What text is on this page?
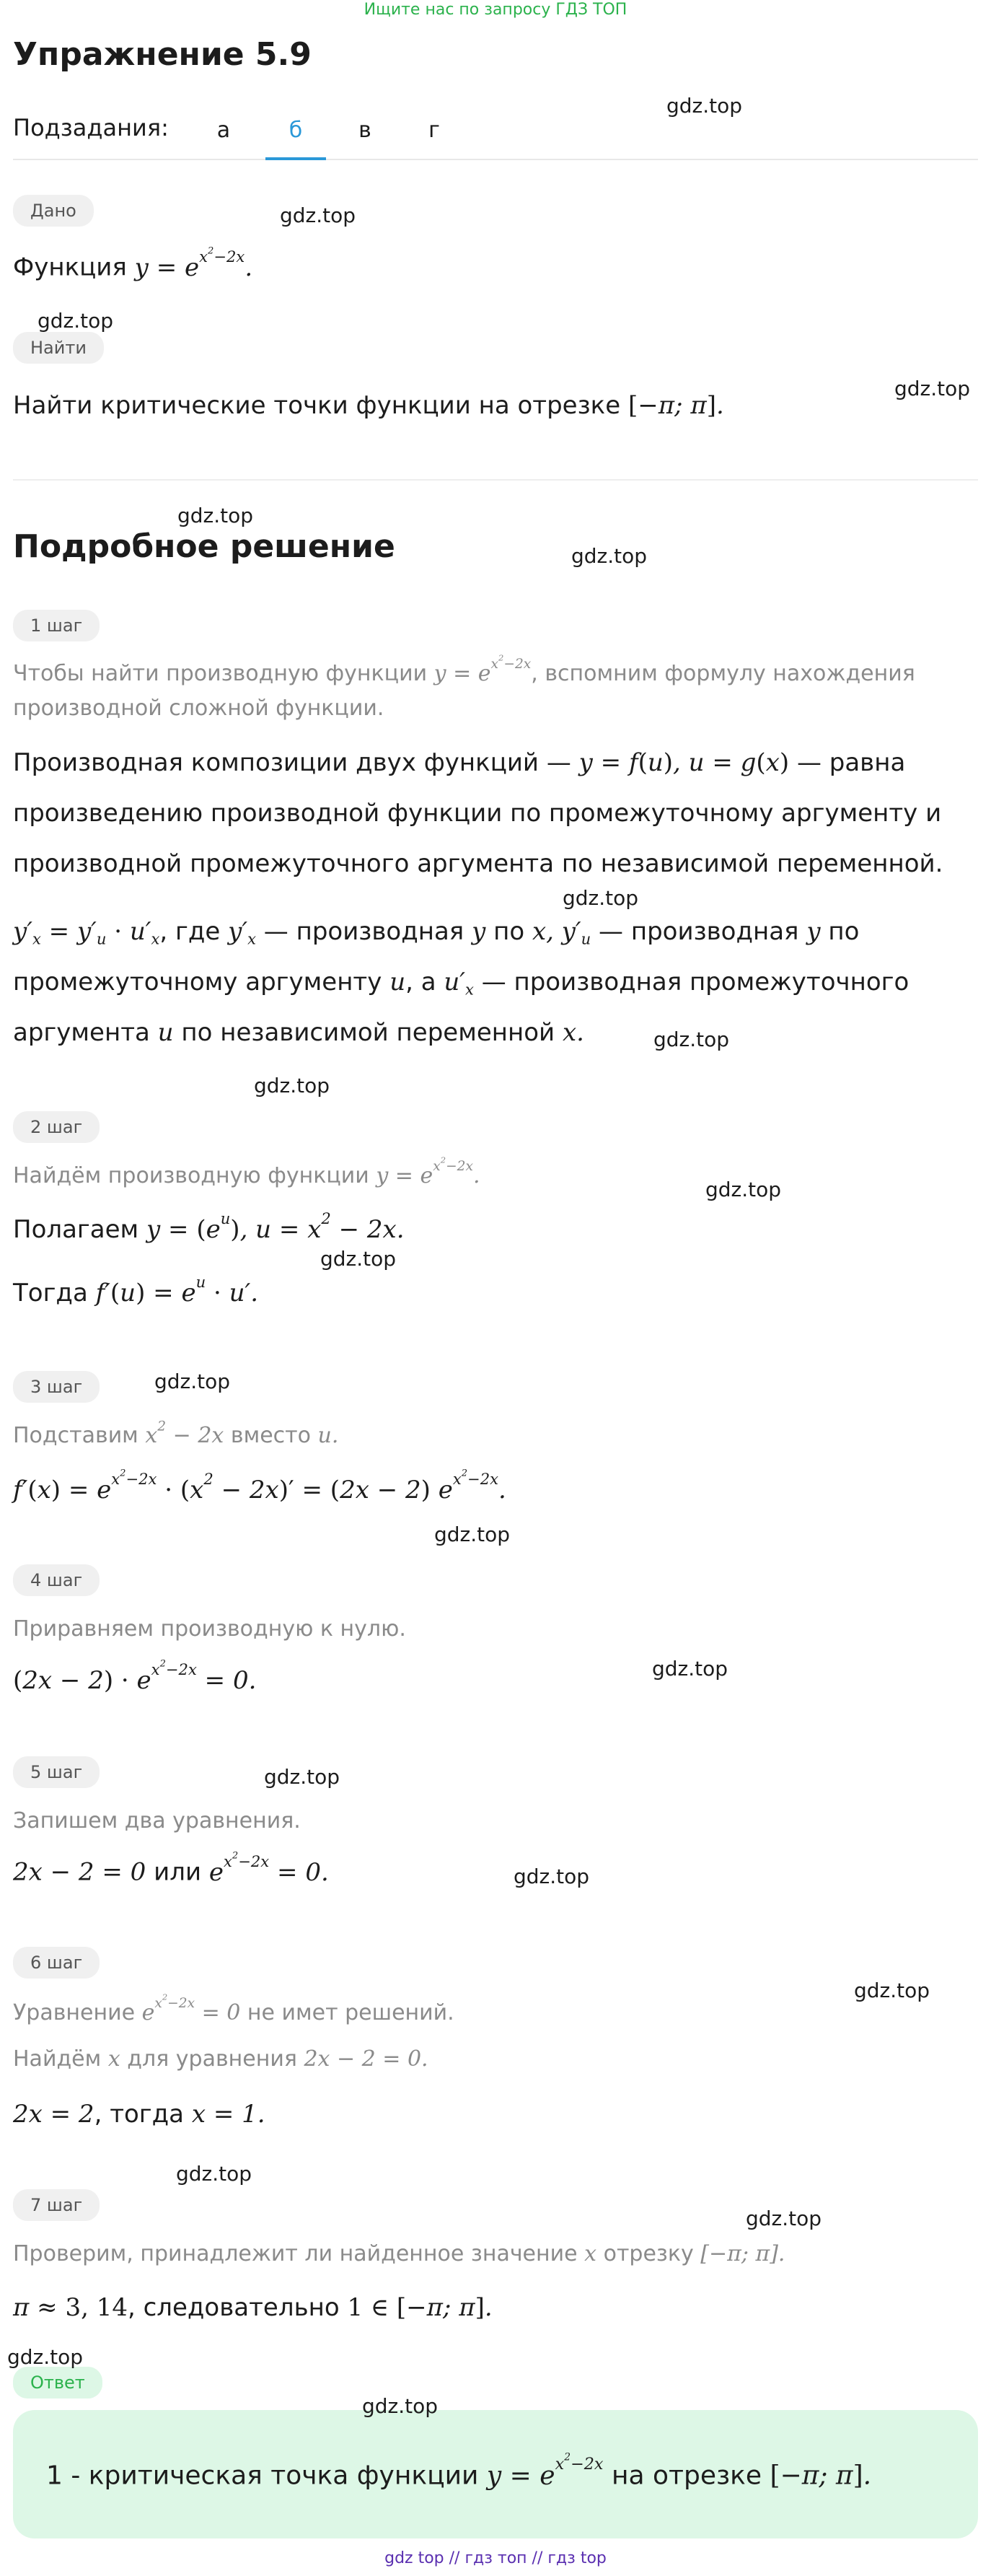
Ищите нас по запросу ГДЗ ТОП
Упражнение 5.9
Подзадания:	а	б	в	г
Дано
Функция $y = e^{x^2-2x}$.
Найти
Найти критические точки функции на отрезке [−π; π].
Подробное решение
1 шаг
Чтобы найти производную функции $y = e^{x^2-2x}$, вспомним формулу нахождения
производной сложной функции.
Производная композиции двух функций — y = f(u), u = g(x) — равна
произведению производной функции по промежуточному аргументу и
производной промежуточного аргумента по независимой переменной.
$y'_x = y'_u \cdot u'_x$, где $y'_x$ — производная y по x, $y'_u$ — производная y по
промежуточному аргументу u, а $u'_x$ — производная промежуточного
аргумента u по независимой переменной x.
2 шаг
Найдём производную функции $y = e^{x^2-2x}$.
Полагаем $y = (e^u)$, $u = x^2 - 2x$.
Тогда $f'(u) = e^u \cdot u'$.
3 шаг
Подставим $x^2 - 2x$ вместо u.
$f'(x) = e^{x^2-2x} \cdot (x^2 - 2x)' = (2x - 2)$ $e^{x^2-2x}$.
4 шаг
Приравняем производную к нулю.
$(2x - 2) \cdot e^{x^2-2x} = 0$.
5 шаг
Запишем два уравнения.
2x − 2 = 0 или $e^{x^2-2x} = 0$.
6 шаг
Уравнение $e^{x^2-2x} = 0$ не имет решений.
Найдём x для уравнения 2x − 2 = 0.
2x = 2, тогда x = 1.
7 шаг
Проверим, принадлежит ли найденное значение x отрезку [−π; π].
π ≈ 3, 14, следовательно 1 ∈ [−π; π].
Ответ
1 - критическая точка функции $y = e^{x^2-2x}$ на отрезке [−π; π].
gdz.top
gdz.top
gdz.top
gdz.top
gdz.top
gdz.top
gdz.top
gdz.top
gdz.top
gdz.top
gdz.top
gdz.top
gdz.top
gdz.top
gdz.top
gdz.top
gdz.top
gdz.top
gdz.top
gdz.top
gdz.top
gdz top // гдз топ // гдз top
